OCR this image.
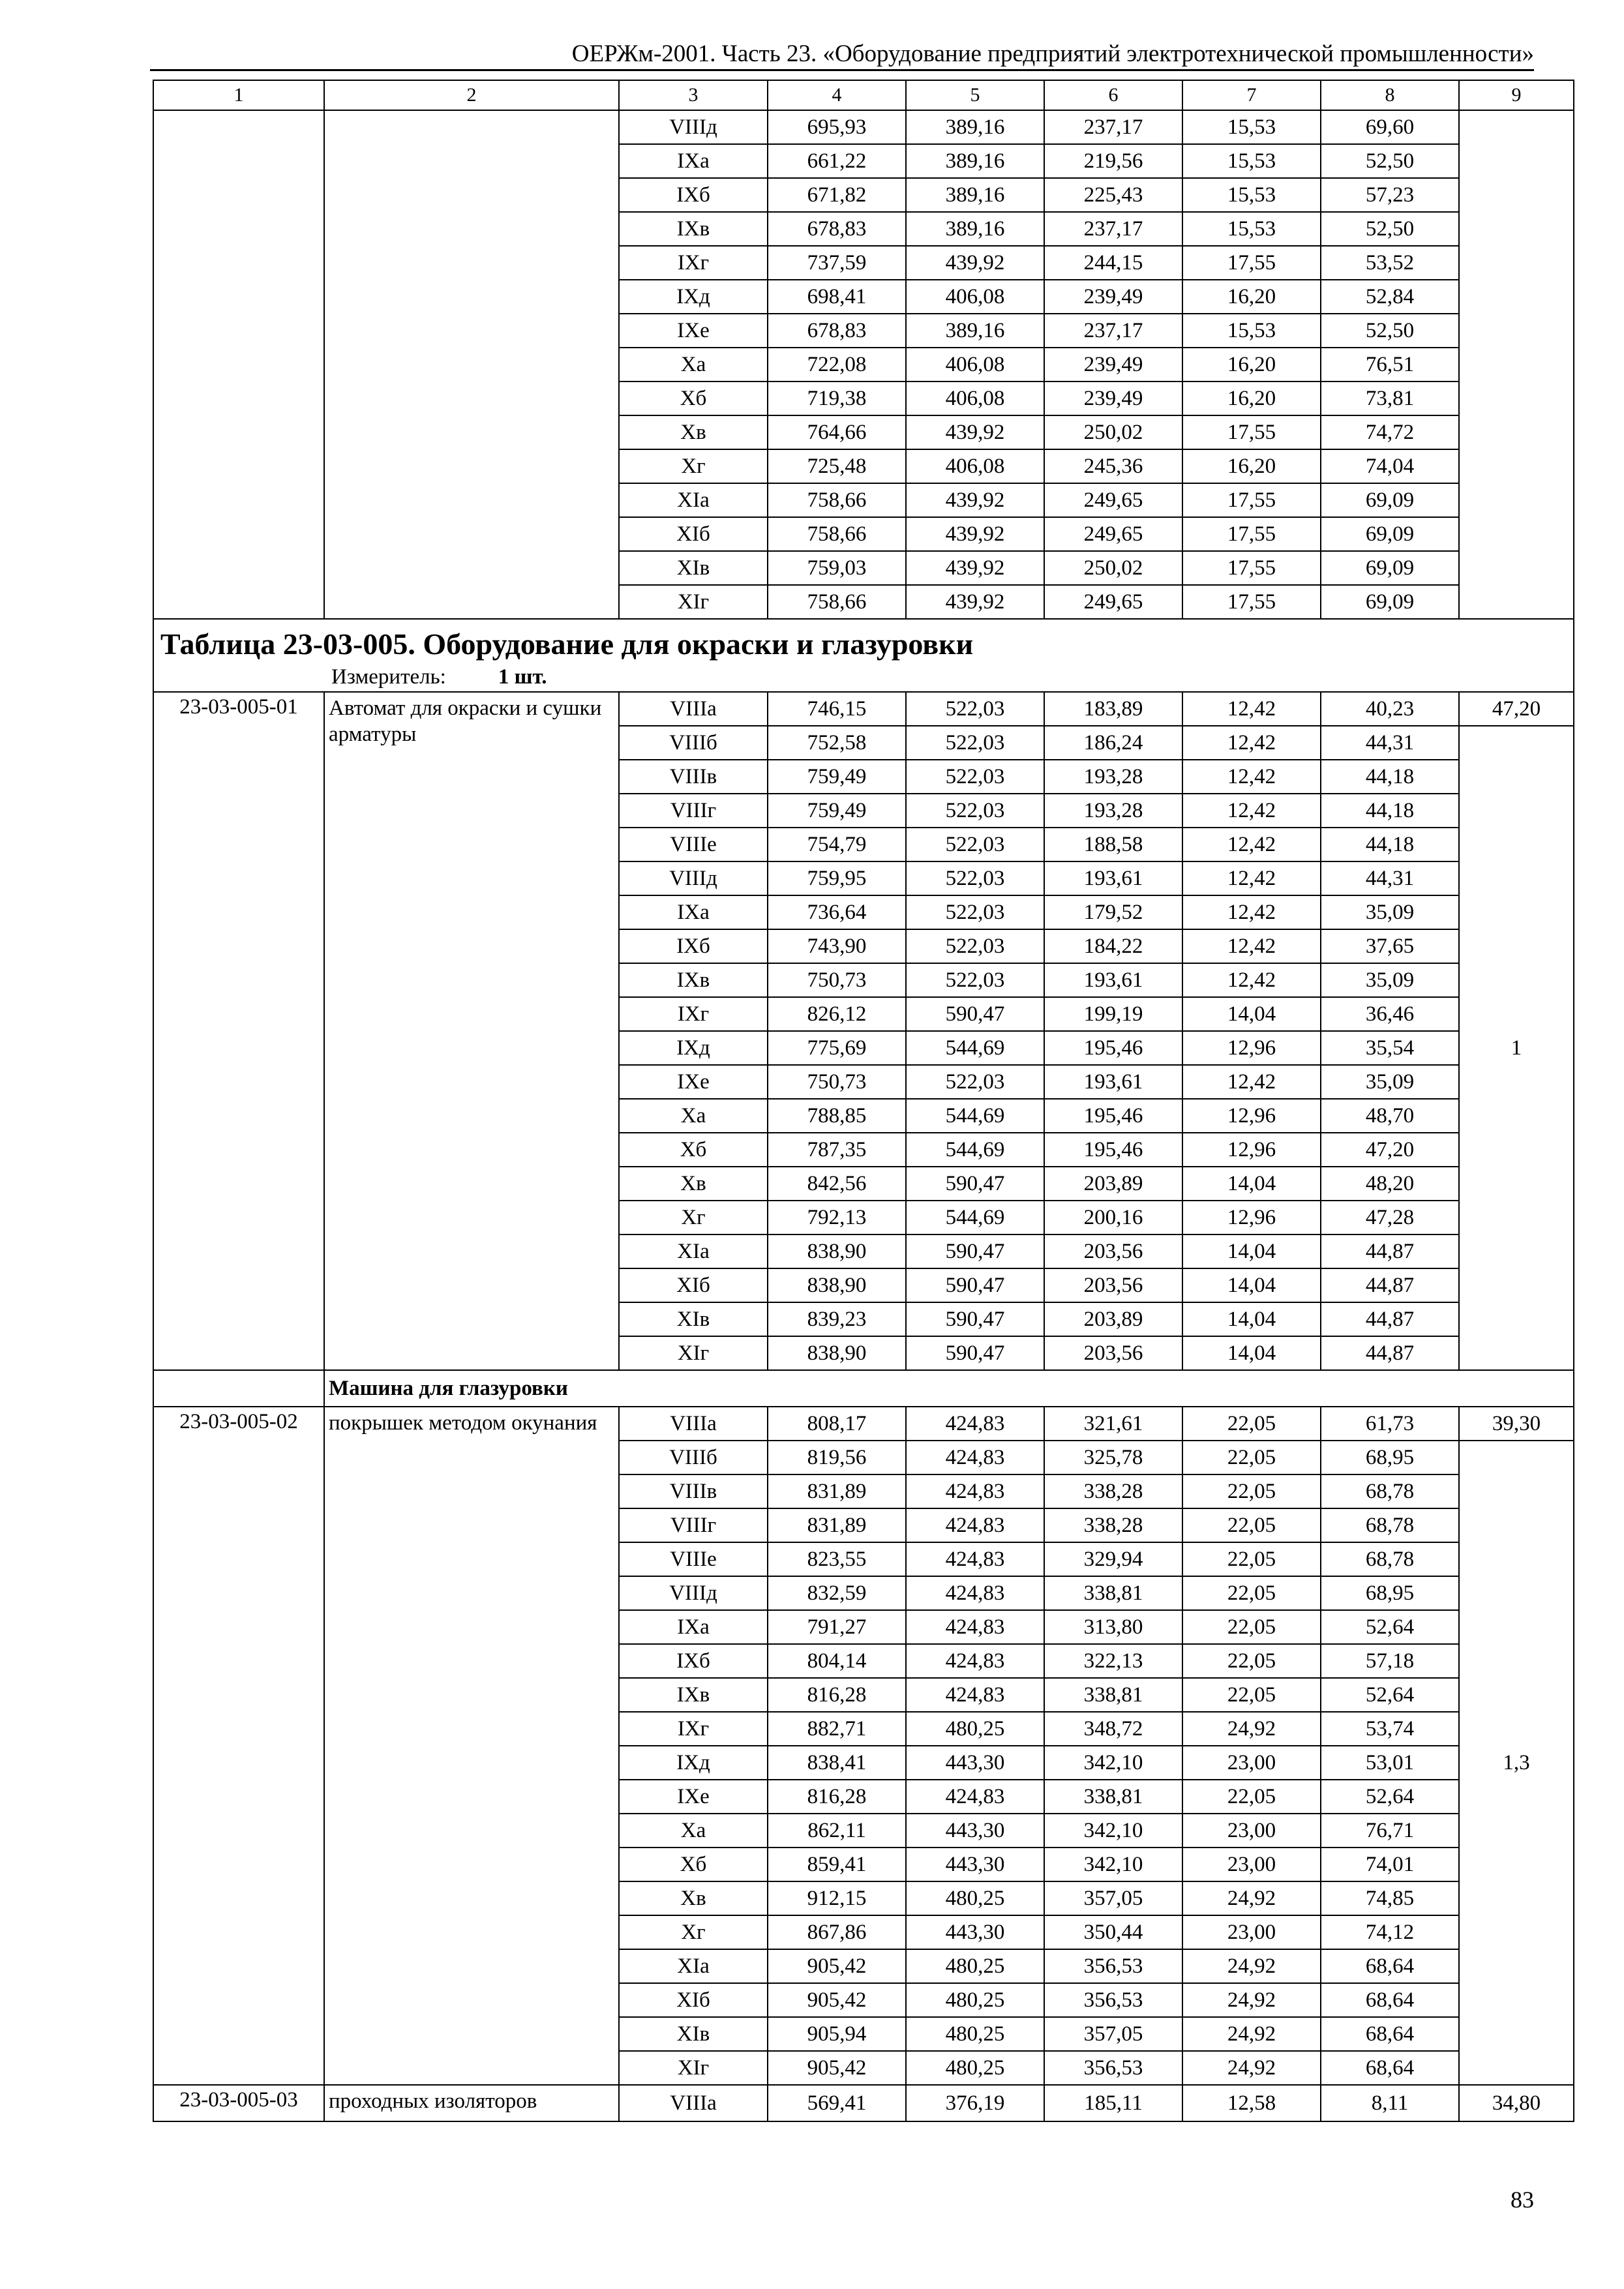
ОЕРЖм-2001. Часть 23. «Оборудование предприятий электротехнической промышленности»
1	2	3	4	5	6	7	8	9
		VIIIд	695,93	389,16	237,17	15,53	69,60	
		IXа	661,22	389,16	219,56	15,53	52,50	
		IXб	671,82	389,16	225,43	15,53	57,23	
		IXв	678,83	389,16	237,17	15,53	52,50	
		IXг	737,59	439,92	244,15	17,55	53,52	
		IXд	698,41	406,08	239,49	16,20	52,84	
		IXе	678,83	389,16	237,17	15,53	52,50	
		Xа	722,08	406,08	239,49	16,20	76,51	
		Xб	719,38	406,08	239,49	16,20	73,81	
		Xв	764,66	439,92	250,02	17,55	74,72	
		Xг	725,48	406,08	245,36	16,20	74,04	
		XIа	758,66	439,92	249,65	17,55	69,09	
		XIб	758,66	439,92	249,65	17,55	69,09	
		XIв	759,03	439,92	250,02	17,55	69,09	
		XIг	758,66	439,92	249,65	17,55	69,09	

Таблица 23-03-005. Оборудование для окраски и глазуровки
Измеритель: 1 шт.								

23-03-005-01	Автомат для окраски и сушки арматуры	VIIIа	746,15	522,03	183,89	12,42	40,23	47,20
		VIIIб	752,58	522,03	186,24	12,42	44,31	1
		VIIIв	759,49	522,03	193,28	12,42	44,18	
		VIIIг	759,49	522,03	193,28	12,42	44,18	
		VIIIе	754,79	522,03	188,58	12,42	44,18	
		VIIIд	759,95	522,03	193,61	12,42	44,31	
		IXа	736,64	522,03	179,52	12,42	35,09	
		IXб	743,90	522,03	184,22	12,42	37,65	
		IXв	750,73	522,03	193,61	12,42	35,09	
		IXг	826,12	590,47	199,19	14,04	36,46	
		IXд	775,69	544,69	195,46	12,96	35,54	
		IXе	750,73	522,03	193,61	12,42	35,09	
		Xа	788,85	544,69	195,46	12,96	48,70	
		Xб	787,35	544,69	195,46	12,96	47,20	
		Xв	842,56	590,47	203,89	14,04	48,20	
		Xг	792,13	544,69	200,16	12,96	47,28	
		XIа	838,90	590,47	203,56	14,04	44,87	
		XIб	838,90	590,47	203,56	14,04	44,87	
		XIв	839,23	590,47	203,89	14,04	44,87	
		XIг	838,90	590,47	203,56	14,04	44,87	
	Машина для глазуровки							
23-03-005-02	покрышек методом окунания	VIIIа	808,17	424,83	321,61	22,05	61,73	39,30
		VIIIб	819,56	424,83	325,78	22,05	68,95	1,3
		VIIIв	831,89	424,83	338,28	22,05	68,78	
		VIIIг	831,89	424,83	338,28	22,05	68,78	
		VIIIе	823,55	424,83	329,94	22,05	68,78	
		VIIIд	832,59	424,83	338,81	22,05	68,95	
		IXа	791,27	424,83	313,80	22,05	52,64	
		IXб	804,14	424,83	322,13	22,05	57,18	
		IXв	816,28	424,83	338,81	22,05	52,64	
		IXг	882,71	480,25	348,72	24,92	53,74	
		IXд	838,41	443,30	342,10	23,00	53,01	
		IXе	816,28	424,83	338,81	22,05	52,64	
		Xа	862,11	443,30	342,10	23,00	76,71	
		Xб	859,41	443,30	342,10	23,00	74,01	
		Xв	912,15	480,25	357,05	24,92	74,85	
		Xг	867,86	443,30	350,44	23,00	74,12	
		XIа	905,42	480,25	356,53	24,92	68,64	
		XIб	905,42	480,25	356,53	24,92	68,64	
		XIв	905,94	480,25	357,05	24,92	68,64	
		XIг	905,42	480,25	356,53	24,92	68,64	
23-03-005-03	проходных изоляторов	VIIIа	569,41	376,19	185,11	12,58	8,11	34,80
83
